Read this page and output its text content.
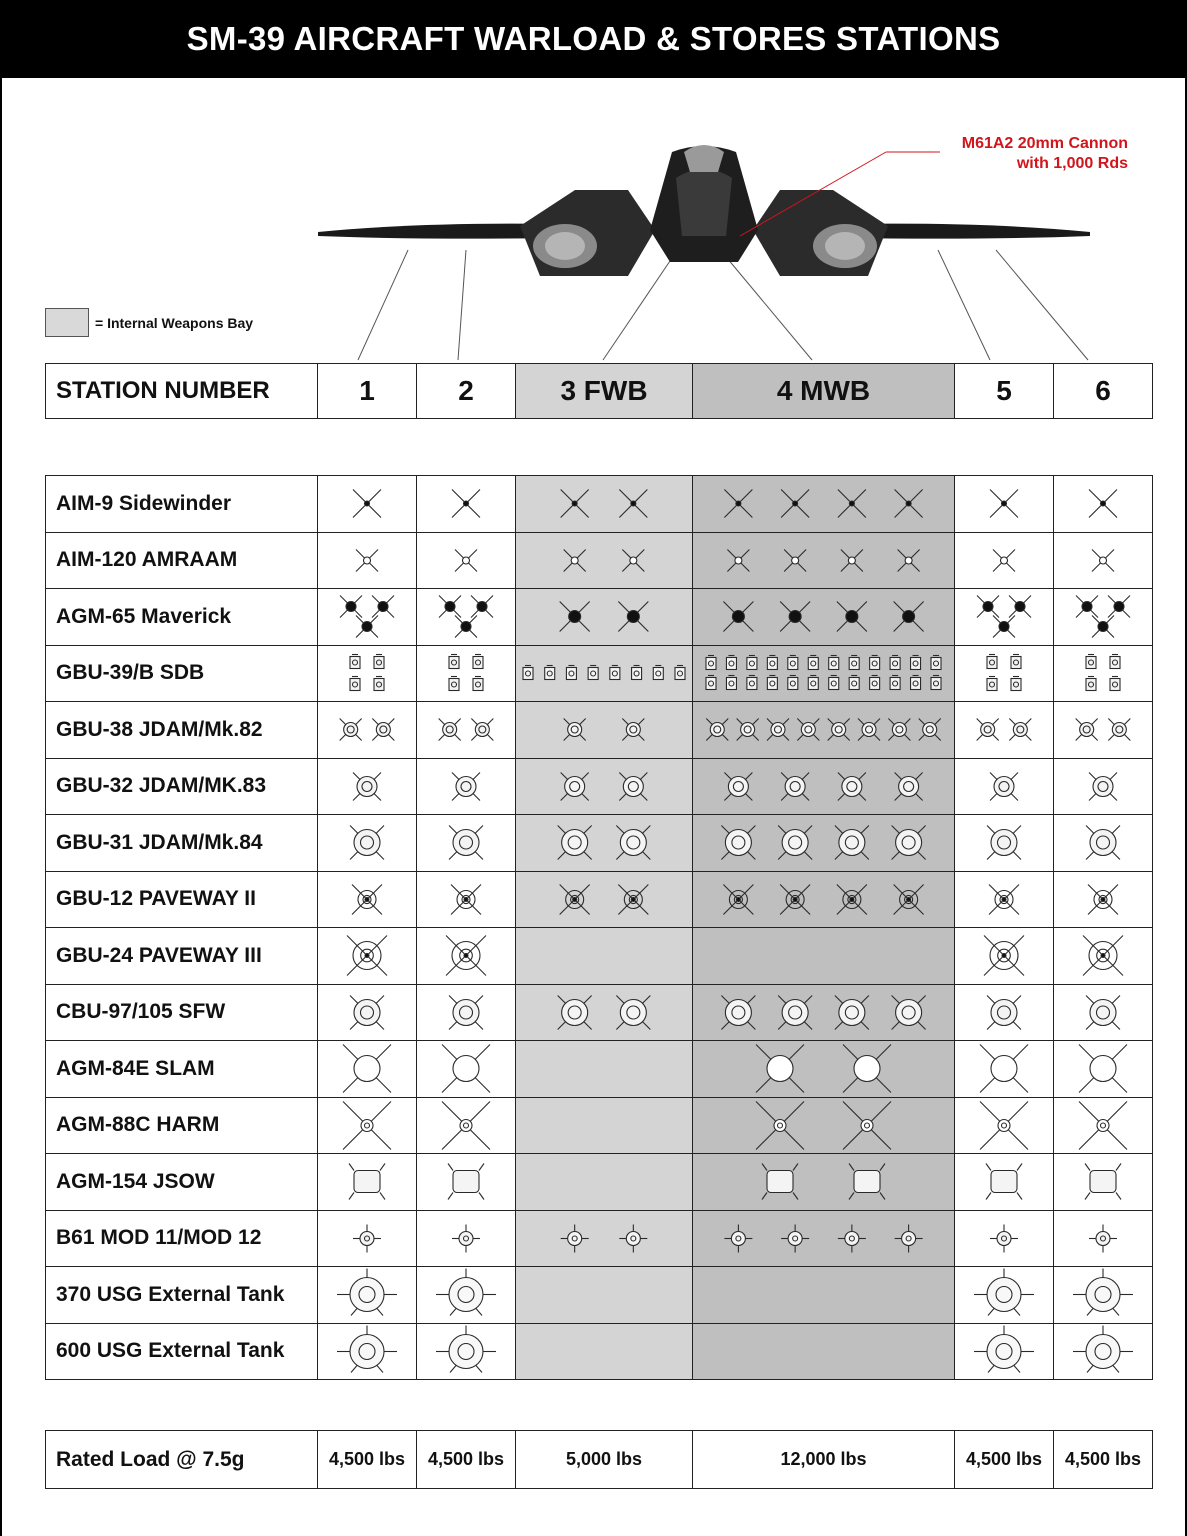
SM-39 AIRCRAFT WARLOAD & STORES STATIONS
M61A2 20mm Cannon
with 1,000 Rds
= Internal Weapons Bay
STATION NUMBER	1	2	3 FWB	4 MWB	5	6
AIM-9 Sidewinder	

AIM-120 AMRAAM	

AGM-65 Maverick	

GBU-39/B SDB	

GBU-38 JDAM/Mk.82	

GBU-32 JDAM/MK.83	

GBU-31 JDAM/Mk.84	

GBU-12 PAVEWAY II	

GBU-24 PAVEWAY III	

CBU-97/105 SFW	

AGM-84E SLAM	

AGM-88C HARM	

AGM-154 JSOW	

B61 MOD 11/MOD 12	

370 USG External Tank	

600 USG External Tank	

Rated Load @ 7.5g	4,500 lbs	4,500 lbs	5,000 lbs	12,000 lbs	4,500 lbs	4,500 lbs
